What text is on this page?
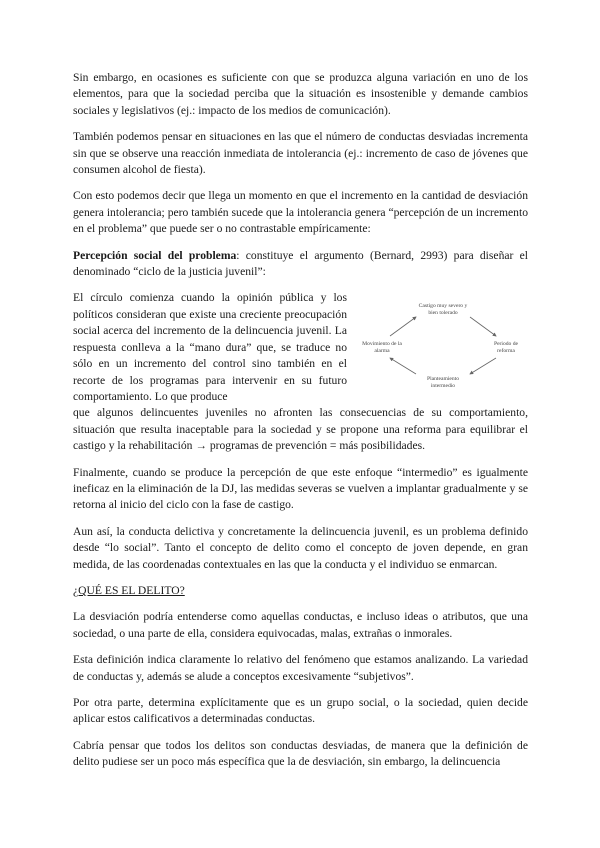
Sin embargo, en ocasiones es suficiente con que se produzca alguna variación en uno de los elementos, para que la sociedad perciba que la situación es insostenible y demande cambios sociales y legislativos (ej.: impacto de los medios de comunicación).

También podemos pensar en situaciones en las que el número de conductas desviadas incrementa sin que se observe una reacción inmediata de intolerancia (ej.: incremento de caso de jóvenes que consumen alcohol de fiesta).

Con esto podemos decir que llega un momento en que el incremento en la cantidad de desviación genera intolerancia; pero también sucede que la intolerancia genera “percepción de un incremento en el problema” que puede ser o no contrastable empíricamente:

Percepción social del problema: constituye el argumento (Bernard, 2993) para diseñar el denominado “ciclo de la justicia juvenil”:

El círculo comienza cuando la opinión pública y los políticos consideran que existe una creciente preocupación social acerca del incremento de la delincuencia juvenil. La respuesta conlleva a la “mano dura” que, se traduce no sólo en un incremento del control sino también en el recorte de los programas para intervenir en su futuro comportamiento. Lo que produce

Castigo muy severo y
bien tolerado
Movimiento de la
alarma
Periodo de
reforma
Planteamiento
intermedio

que algunos delincuentes juveniles no afronten las consecuencias de su comportamiento, situación que resulta inaceptable para la sociedad y se propone una reforma para equilibrar el castigo y la rehabilitación → programas de prevención = más posibilidades.

Finalmente, cuando se produce la percepción de que este enfoque “intermedio” es igualmente ineficaz en la eliminación de la DJ, las medidas severas se vuelven a implantar gradualmente y se retorna al inicio del ciclo con la fase de castigo.

Aun así, la conducta delictiva y concretamente la delincuencia juvenil, es un problema definido desde “lo social”. Tanto el concepto de delito como el concepto de joven depende, en gran medida, de las coordenadas contextuales en las que la conducta y el individuo se enmarcan.

¿QUÉ ES EL DELITO?

La desviación podría entenderse como aquellas conductas, e incluso ideas o atributos, que una sociedad, o una parte de ella, considera equivocadas, malas, extrañas o inmorales.

Esta definición indica claramente lo relativo del fenómeno que estamos analizando. La variedad de conductas y, además se alude a conceptos excesivamente “subjetivos”.

Por otra parte, determina explícitamente que es un grupo social, o la sociedad, quien decide aplicar estos calificativos a determinadas conductas.

Cabría pensar que todos los delitos son conductas desviadas, de manera que la definición de delito pudiese ser un poco más específica que la de desviación, sin embargo, la delincuencia
